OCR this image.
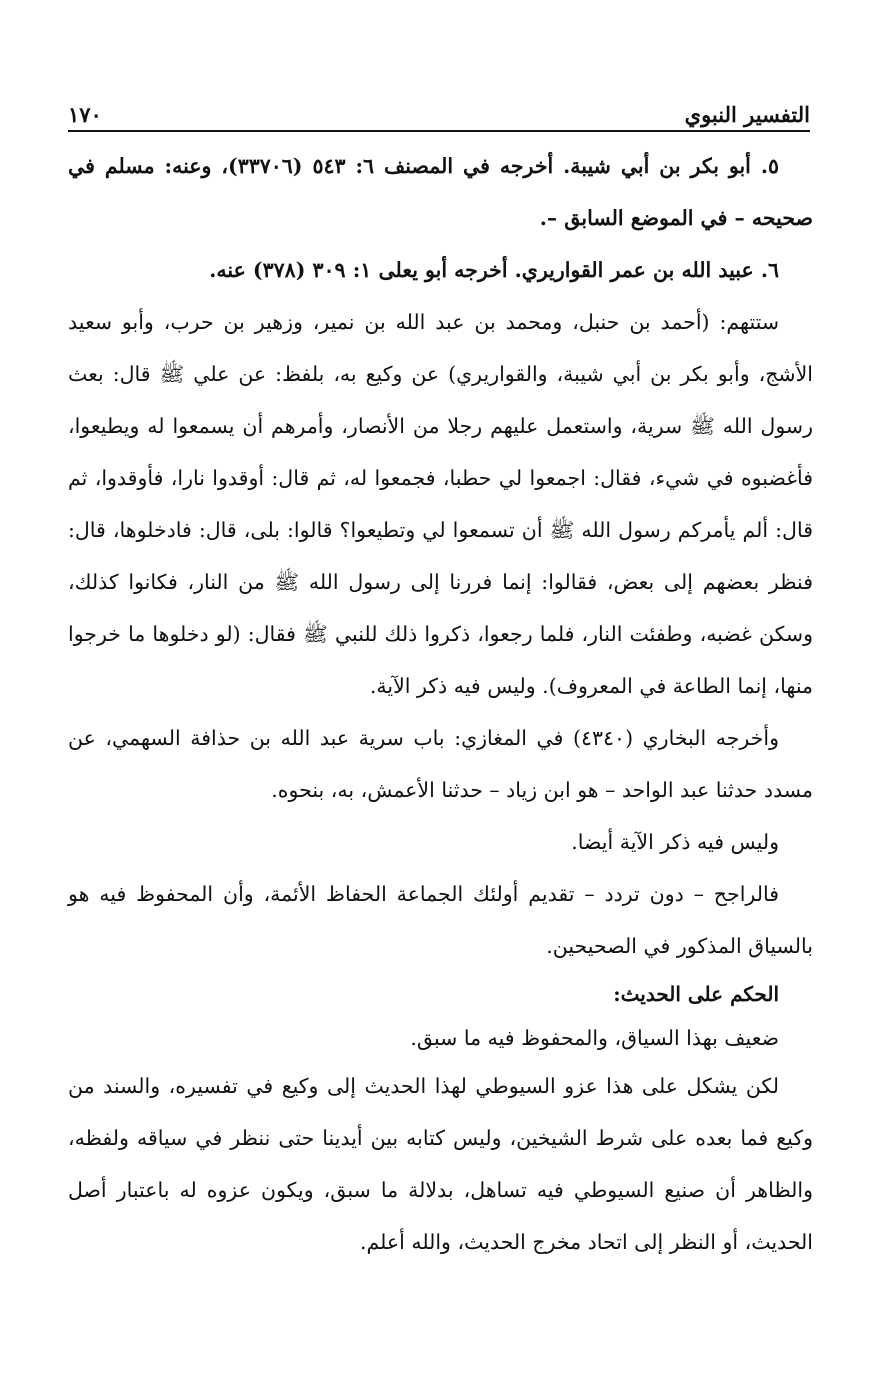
١٧٠	التفسير النبوي

٥. أبو بكر بن أبي شيبة. أخرجه في المصنف ٦: ٥٤٣ (٣٣٧٠٦)، وعنه: مسلم في صحيحه – في الموضع السابق –.

٦. عبيد الله بن عمر القواريري. أخرجه أبو يعلى ١: ٣٠٩ (٣٧٨) عنه.

ستتهم: (أحمد بن حنبل، ومحمد بن عبد الله بن نمير، وزهير بن حرب، وأبو سعيد الأشج، وأبو بكر بن أبي شيبة، والقواريري) عن وكيع به، بلفظ: عن علي ﷺ قال: بعث رسول الله ﷺ سرية، واستعمل عليهم رجلا من الأنصار، وأمرهم أن يسمعوا له ويطيعوا، فأغضبوه في شيء، فقال: اجمعوا لي حطبا، فجمعوا له، ثم قال: أوقدوا نارا، فأوقدوا، ثم قال: ألم يأمركم رسول الله ﷺ أن تسمعوا لي وتطيعوا؟ قالوا: بلى، قال: فادخلوها، قال: فنظر بعضهم إلى بعض، فقالوا: إنما فررنا إلى رسول الله ﷺ من النار، فكانوا كذلك، وسكن غضبه، وطفئت النار، فلما رجعوا، ذكروا ذلك للنبي ﷺ فقال: (لو دخلوها ما خرجوا منها، إنما الطاعة في المعروف). وليس فيه ذكر الآية.

وأخرجه البخاري (٤٣٤٠) في المغازي: باب سرية عبد الله بن حذافة السهمي، عن مسدد حدثنا عبد الواحد – هو ابن زياد – حدثنا الأعمش، به، بنحوه.

وليس فيه ذكر الآية أيضا.

فالراجح – دون تردد – تقديم أولئك الجماعة الحفاظ الأئمة، وأن المحفوظ فيه هو بالسياق المذكور في الصحيحين.

الحكم على الحديث:

ضعيف بهذا السياق، والمحفوظ فيه ما سبق.

لكن يشكل على هذا عزو السيوطي لهذا الحديث إلى وكيع في تفسيره، والسند من وكيع فما بعده على شرط الشيخين، وليس كتابه بين أيدينا حتى ننظر في سياقه ولفظه، والظاهر أن صنيع السيوطي فيه تساهل، بدلالة ما سبق، ويكون عزوه له باعتبار أصل الحديث، أو النظر إلى اتحاد مخرج الحديث، والله أعلم.
